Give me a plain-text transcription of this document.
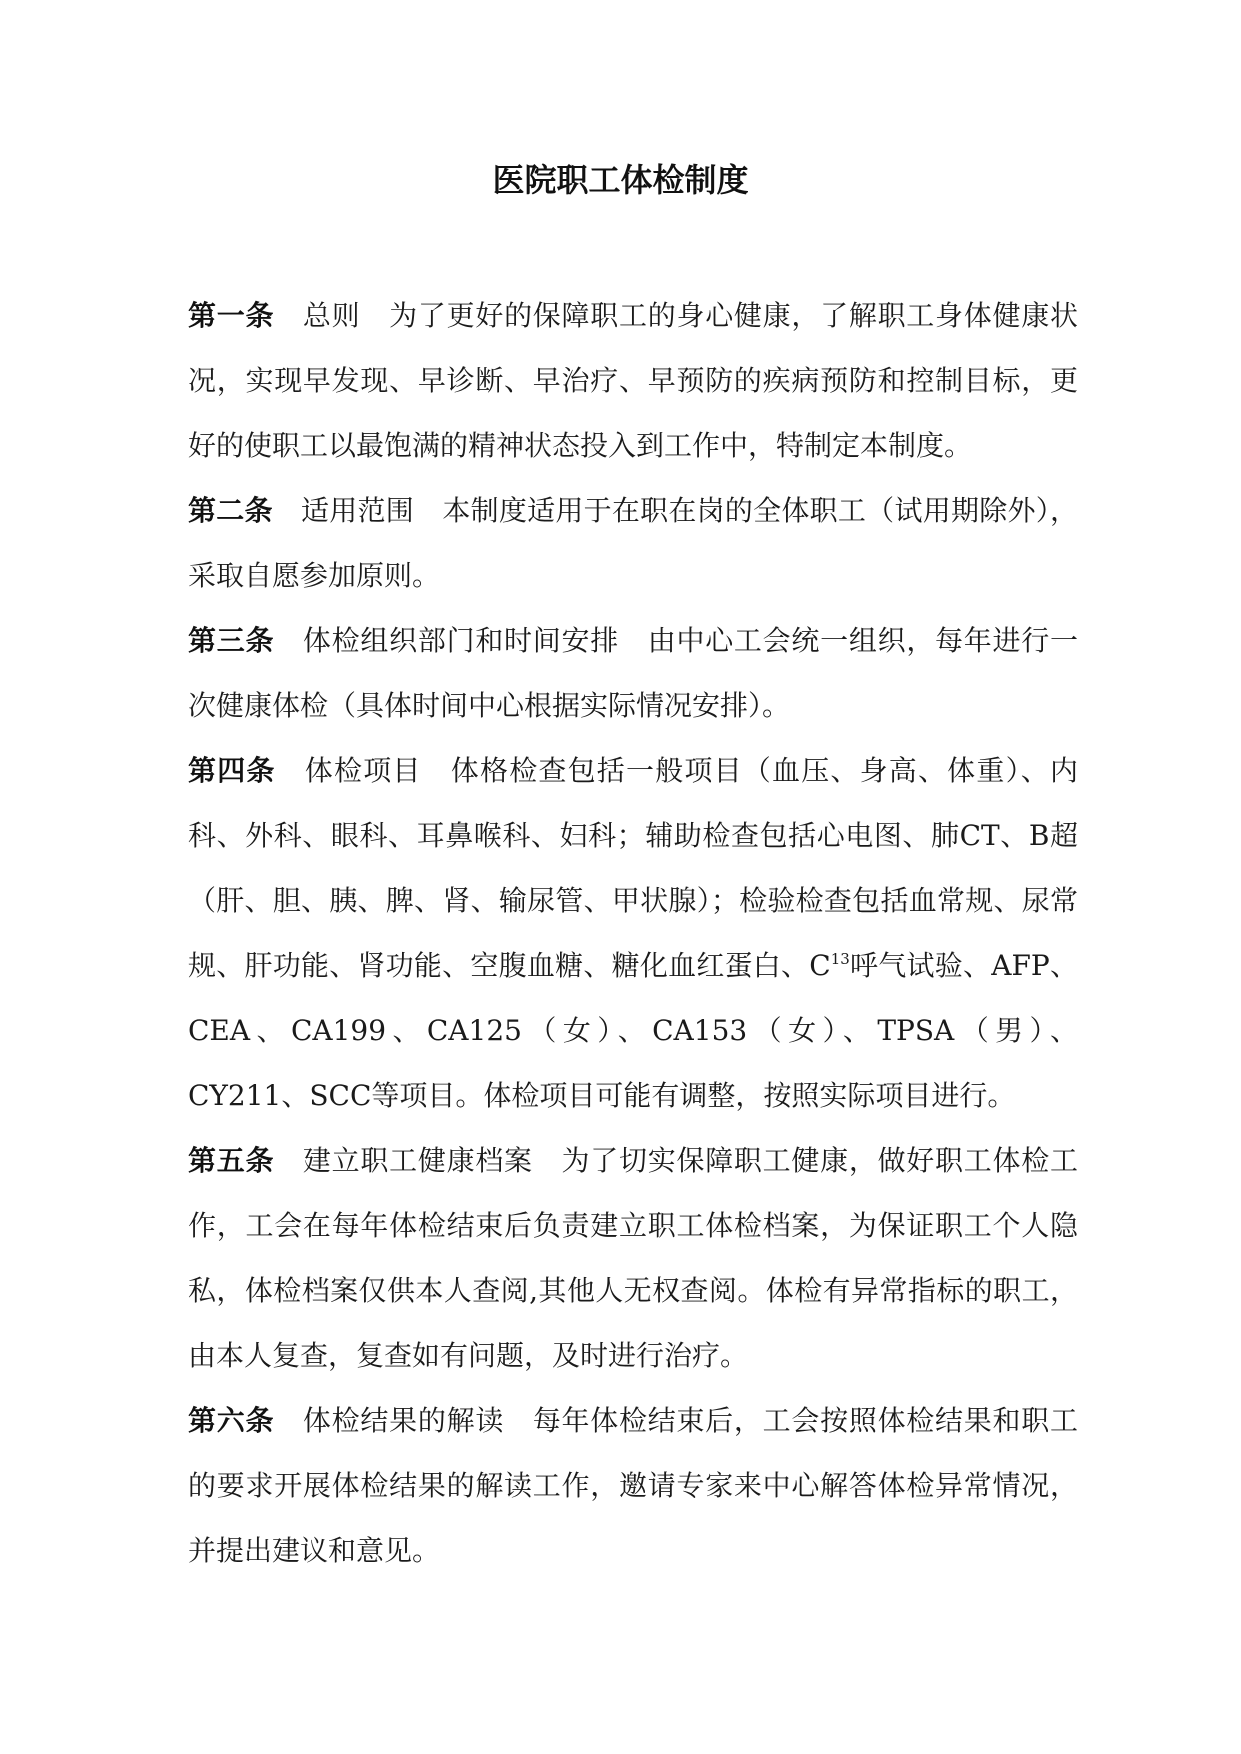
医院职工体检制度

第一条 总则 为了更好的保障职工的身心健康，了解职工身体健康状况，实现早发现、早诊断、早治疗、早预防的疾病预防和控制目标，更好的使职工以最饱满的精神状态投入到工作中，特制定本制度。

第二条 适用范围 本制度适用于在职在岗的全体职工（试用期除外），采取自愿参加原则。

第三条 体检组织部门和时间安排 由中心工会统一组织，每年进行一次健康体检（具体时间中心根据实际情况安排）。

第四条 体检项目 体格检查包括一般项目（血压、身高、体重）、内科、外科、眼科、耳鼻喉科、妇科；辅助检查包括心电图、肺CT、B超（肝、胆、胰、脾、肾、输尿管、甲状腺）；检验检查包括血常规、尿常规、肝功能、肾功能、空腹血糖、糖化血红蛋白、$C^{13}$呼气试验、AFP、CEA、CA199、CA125（女）、CA153（女）、TPSA（男）、CY211、SCC等项目。体检项目可能有调整，按照实际项目进行。

第五条 建立职工健康档案 为了切实保障职工健康，做好职工体检工作，工会在每年体检结束后负责建立职工体检档案，为保证职工个人隐私，体检档案仅供本人查阅,其他人无权查阅。体检有异常指标的职工，由本人复查，复查如有问题，及时进行治疗。

第六条 体检结果的解读 每年体检结束后，工会按照体检结果和职工的要求开展体检结果的解读工作，邀请专家来中心解答体检异常情况，并提出建议和意见。
